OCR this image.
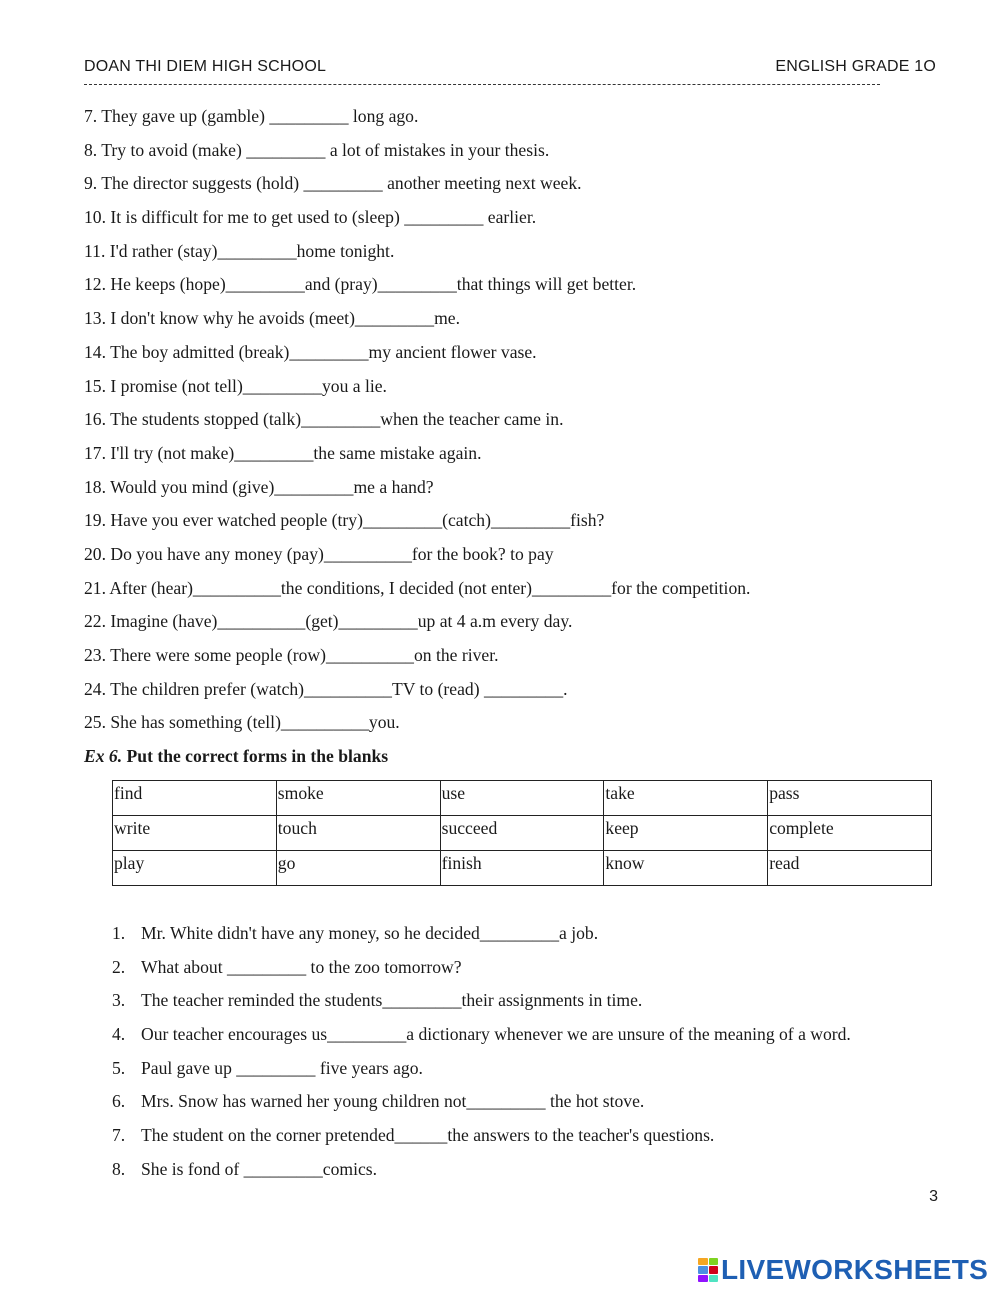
DOAN THI DIEM HIGH SCHOOL	ENGLISH GRADE 1O
7. They gave up (gamble) _________ long ago.
8. Try to avoid (make) _________ a lot of mistakes in your thesis.
9. The director suggests (hold) _________ another meeting next week.
10. It is difficult for me to get used to (sleep) _________ earlier.
11. I'd rather (stay)_________home tonight.
12. He keeps (hope)_________and (pray)_________that things will get better.
13. I don't know why he avoids (meet)_________me.
14. The boy admitted (break)_________my ancient flower vase.
15. I promise (not tell)_________you a lie.
16. The students stopped (talk)_________when the teacher came in.
17. I'll try (not make)_________the same mistake again.
18. Would you mind (give)_________me a hand?
19. Have you ever watched people (try)_________(catch)_________fish?
20. Do you have any money (pay)__________for the book? to pay
21. After (hear)__________the conditions, I decided (not enter)_________for the competition.
22. Imagine (have)__________(get)_________up at 4 a.m every day.
23. There were some people (row)__________on the river.
24. The children prefer (watch)__________TV to (read) _________.
25. She has something (tell)__________you.
Ex 6. Put the correct forms in the blanks
find	smoke	use	take	pass
write	touch	succeed	keep	complete
play	go	finish	know	read
1. Mr. White didn't have any money, so he decided_________a job.
2. What about _________ to the zoo tomorrow?
3. The teacher reminded the students_________their assignments in time.
4. Our teacher encourages us_________a dictionary whenever we are unsure of the meaning of a word.
5. Paul gave up _________ five years ago.
6. Mrs. Snow has warned her young children not_________ the hot stove.
7. The student on the corner pretended______the answers to the teacher's questions.
8. She is fond of _________comics.
3
LIVEWORKSHEETS
